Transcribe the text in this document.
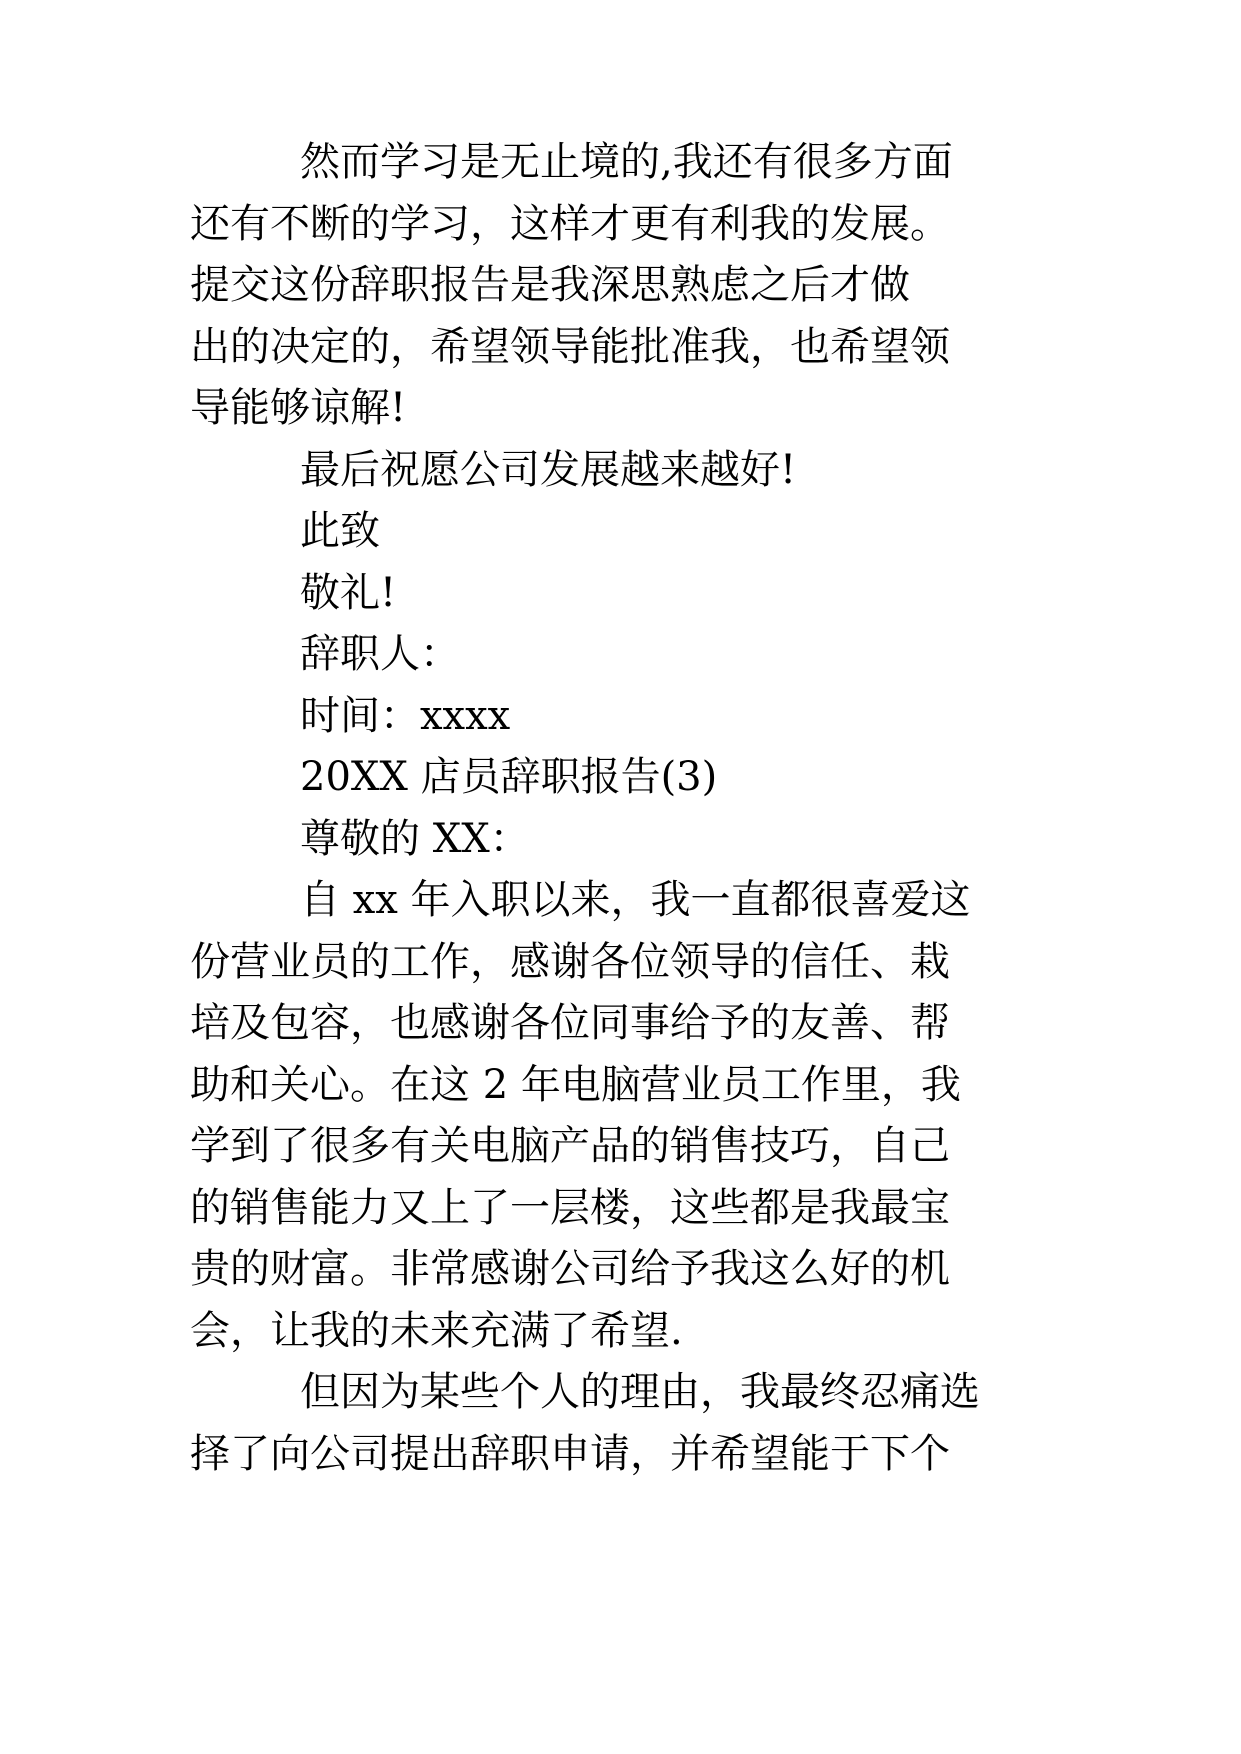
然而学习是无止境的,我还有很多方面
还有不断的学习，这样才更有利我的发展。
提交这份辞职报告是我深思熟虑之后才做
出的决定的，希望领导能批准我，也希望领
导能够谅解!
最后祝愿公司发展越来越好!
此致
敬礼!
辞职人：
时间：xxxx
20XX 店员辞职报告(3)
尊敬的 XX：
自 xx 年入职以来，我一直都很喜爱这
份营业员的工作，感谢各位领导的信任、栽
培及包容，也感谢各位同事给予的友善、帮
助和关心。在这 2 年电脑营业员工作里，我
学到了很多有关电脑产品的销售技巧，自己
的销售能力又上了一层楼，这些都是我最宝
贵的财富。非常感谢公司给予我这么好的机
会，让我的未来充满了希望.
但因为某些个人的理由，我最终忍痛选
择了向公司提出辞职申请，并希望能于下个
